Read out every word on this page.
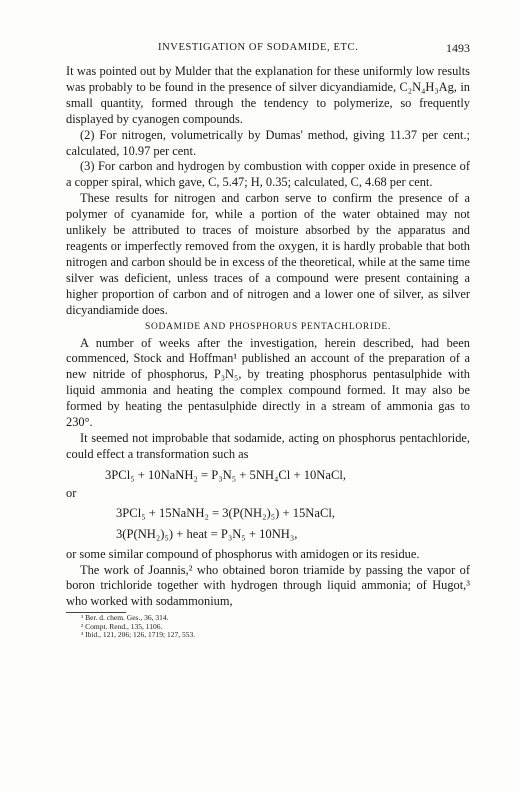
INVESTIGATION OF SODAMIDE, ETC.	1493

It was pointed out by Mulder that the explanation for these uniformly low results was probably to be found in the presence of silver dicyandiamide, C₂N₄H₃Ag, in small quantity, formed through the tendency to polymerize, so frequently displayed by cyanogen compounds.

(2) For nitrogen, volumetrically by Dumas' method, giving 11.37 per cent.; calculated, 10.97 per cent.

(3) For carbon and hydrogen by combustion with copper oxide in presence of a copper spiral, which gave, C, 5.47; H, 0.35; calculated, C, 4.68 per cent.

These results for nitrogen and carbon serve to confirm the presence of a polymer of cyanamide for, while a portion of the water obtained may not unlikely be attributed to traces of moisture absorbed by the apparatus and reagents or imperfectly removed from the oxygen, it is hardly probable that both nitrogen and carbon should be in excess of the theoretical, while at the same time silver was deficient, unless traces of a compound were present containing a higher proportion of carbon and of nitrogen and a lower one of silver, as silver dicyandiamide does.

SODAMIDE AND PHOSPHORUS PENTACHLORIDE.

A number of weeks after the investigation, herein described, had been commenced, Stock and Hoffman¹ published an account of the preparation of a new nitride of phosphorus, P₃N₅, by treating phosphorus pentasulphide with liquid ammonia and heating the complex compound formed. It may also be formed by heating the pentasulphide directly in a stream of ammonia gas to 230°.

It seemed not improbable that sodamide, acting on phosphorus pentachloride, could effect a transformation such as

3PCl₅ + 10NaNH₂ = P₃N₅ + 5NH₄Cl + 10NaCl,

or

3PCl₅ + 15NaNH₂ = 3(P(NH₂)₅) + 15NaCl,

3(P(NH₂)₅) + heat = P₃N₅ + 10NH₃,

or some similar compound of phosphorus with amidogen or its residue.

The work of Joannis,² who obtained boron triamide by passing the vapor of boron trichloride together with hydrogen through liquid ammonia; of Hugot,³ who worked with sodammonium,

¹ Ber. d. chem. Ges., 36, 314.
² Compt. Rend., 135, 1106.
³ Ibid., 121, 206; 126, 1719; 127, 553.
